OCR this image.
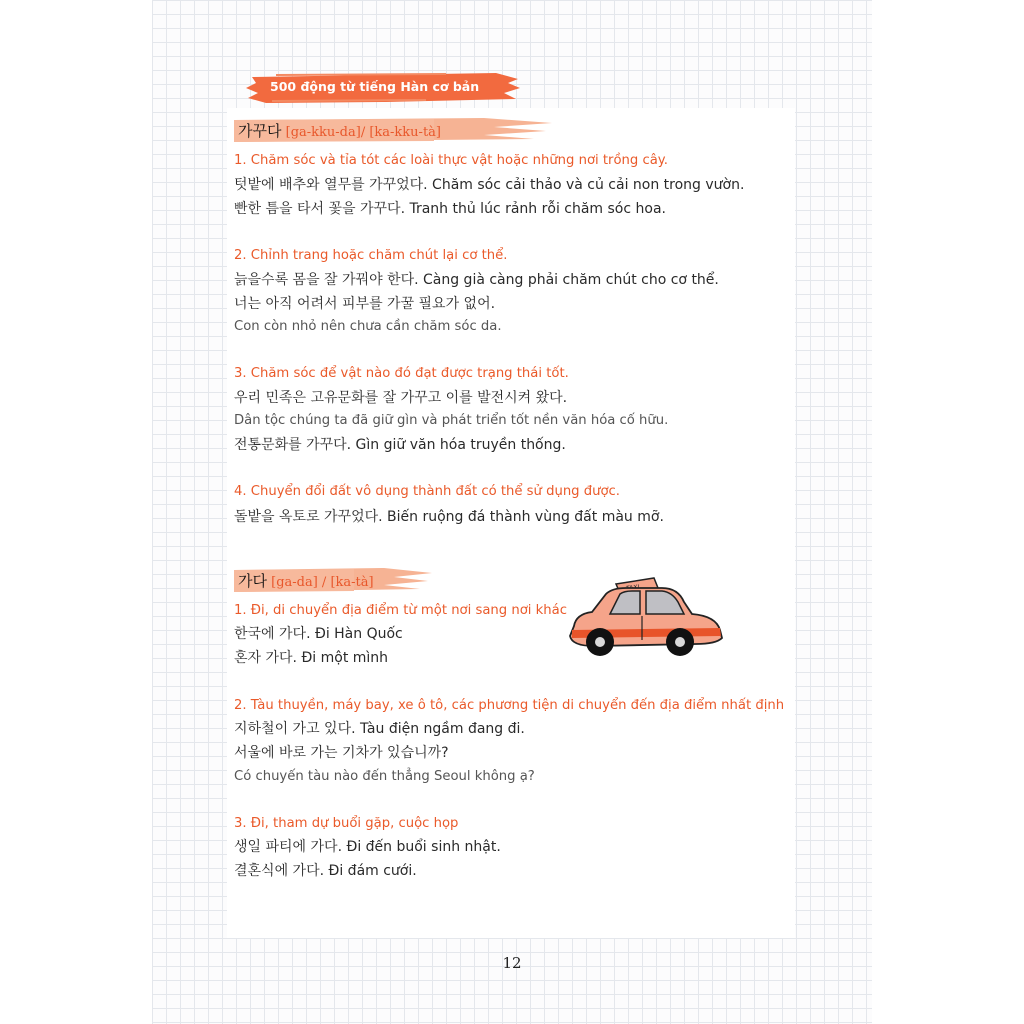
500 động từ tiếng Hàn cơ bản
가꾸다 [ga-kku-da]/ [ka-kku-tà]
1. Chăm sóc và tỉa tót các loài thực vật hoặc những nơi trồng cây.
텃밭에 배추와 열무를 가꾸었다. Chăm sóc cải thảo và củ cải non trong vườn.
빤한 틈을 타서 꽃을 가꾸다. Tranh thủ lúc rảnh rỗi chăm sóc hoa.
2. Chỉnh trang hoặc chăm chút lại cơ thể.
늙을수록 몸을 잘 가꿔야 한다. Càng già càng phải chăm chút cho cơ thể.
너는 아직 어려서 피부를 가꿀 필요가 없어.
Con còn nhỏ nên chưa cần chăm sóc da.
3. Chăm sóc để vật nào đó đạt được trạng thái tốt.
우리 민족은 고유문화를 잘 가꾸고 이를 발전시켜 왔다.
Dân tộc chúng ta đã giữ gìn và phát triển tốt nền văn hóa cố hữu.
전통문화를 가꾸다. Gìn giữ văn hóa truyền thống.
4. Chuyển đổi đất vô dụng thành đất có thể sử dụng được.
돌밭을 옥토로 가꾸었다. Biến ruộng đá thành vùng đất màu mỡ.
가다 [ga-da] / [ka-tà]
1. Đi, di chuyển địa điểm từ một nơi sang nơi khác
한국에 가다. Đi Hàn Quốc
혼자 가다. Đi một mình
2. Tàu thuyền, máy bay, xe ô tô, các phương tiện di chuyển đến địa điểm nhất định
지하철이 가고 있다. Tàu điện ngầm đang đi.
서울에 바로 가는 기차가 있습니까?
Có chuyến tàu nào đến thẳng Seoul không ạ?
3. Đi, tham dự buổi gặp, cuộc họp
생일 파티에 가다. Đi đến buổi sinh nhật.
결혼식에 가다. Đi đám cưới.
12
